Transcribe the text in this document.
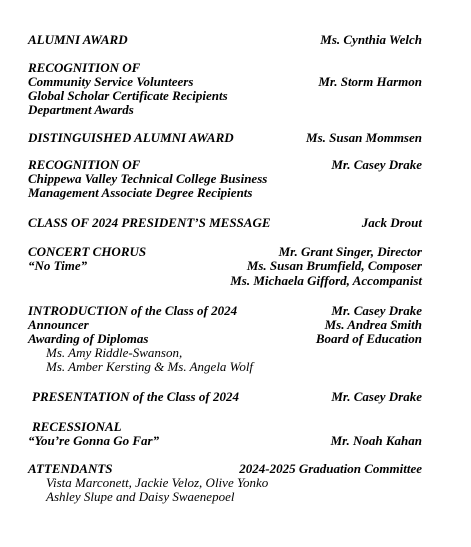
ALUMNI AWARD	Ms. Cynthia Welch
RECOGNITION OF
Community Service Volunteers	Mr. Storm Harmon
Global Scholar Certificate Recipients
Department Awards
DISTINGUISHED ALUMNI AWARD	Ms. Susan Mommsen
RECOGNITION OF	Mr. Casey Drake
Chippewa Valley Technical College Business
Management Associate Degree Recipients
CLASS OF 2024 PRESIDENT’S MESSAGE	Jack Drout
CONCERT CHORUS	Mr. Grant Singer, Director
“No Time”	Ms. Susan Brumfield, Composer
Ms. Michaela Gifford, Accompanist
INTRODUCTION of the Class of 2024	Mr. Casey Drake
Announcer	Ms. Andrea Smith
Awarding of Diplomas	Board of Education
Ms. Amy Riddle-Swanson,
Ms. Amber Kersting & Ms. Angela Wolf
PRESENTATION of the Class of 2024	Mr. Casey Drake
RECESSIONAL
“You’re Gonna Go Far”	Mr. Noah Kahan
ATTENDANTS	2024-2025 Graduation Committee
Vista Marconett, Jackie Veloz, Olive Yonko
Ashley Slupe and Daisy Swaenepoel
